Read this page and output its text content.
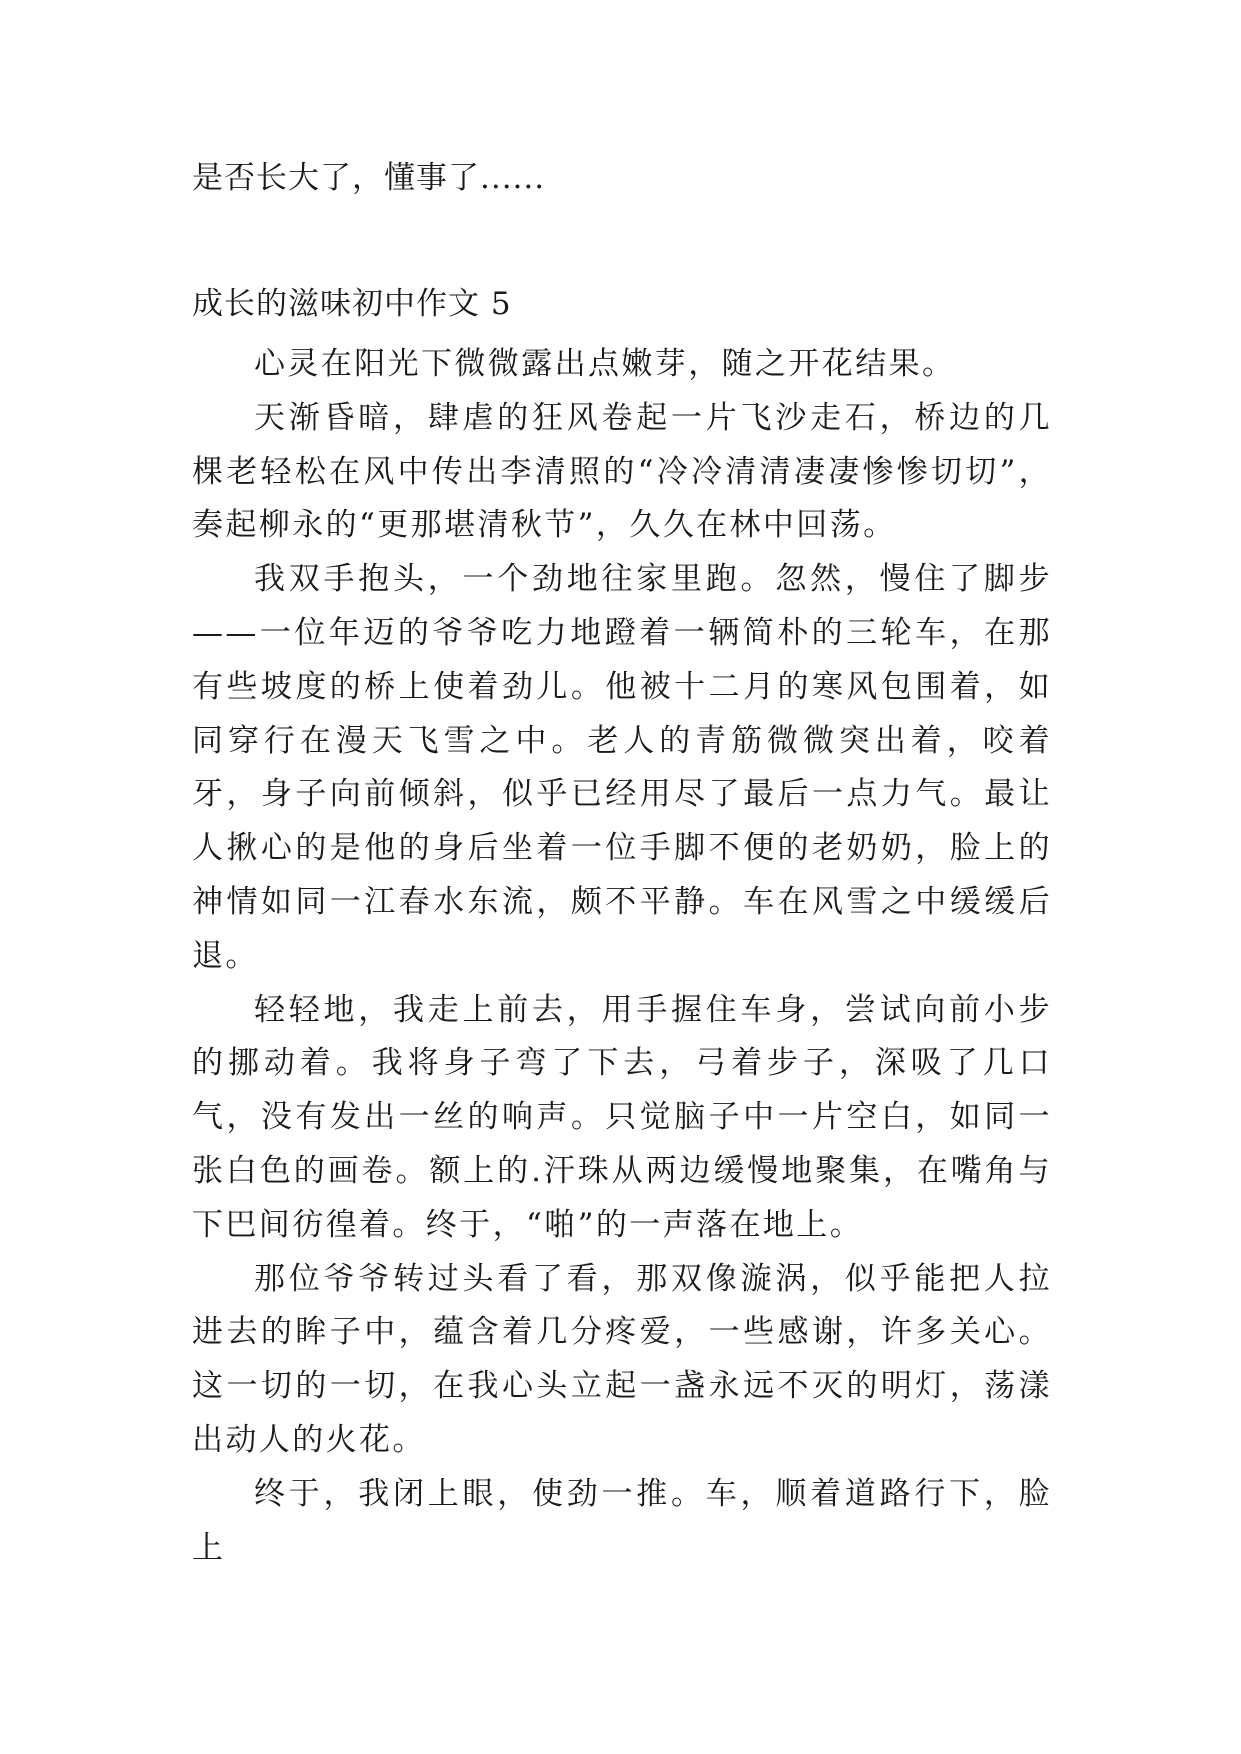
是否长大了，懂事了......

成长的滋味初中作文 5

心灵在阳光下微微露出点嫩芽，随之开花结果。

天渐昏暗，肆虐的狂风卷起一片飞沙走石，桥边的几棵老轻松在风中传出李清照的“冷冷清清凄凄惨惨切切”，奏起柳永的“更那堪清秋节”，久久在林中回荡。

我双手抱头，一个劲地往家里跑。忽然，慢住了脚步——一位年迈的爷爷吃力地蹬着一辆简朴的三轮车，在那有些坡度的桥上使着劲儿。他被十二月的寒风包围着，如同穿行在漫天飞雪之中。老人的青筋微微突出着，咬着牙，身子向前倾斜，似乎已经用尽了最后一点力气。最让人揪心的是他的身后坐着一位手脚不便的老奶奶，脸上的神情如同一江春水东流，颇不平静。车在风雪之中缓缓后退。

轻轻地，我走上前去，用手握住车身，尝试向前小步的挪动着。我将身子弯了下去，弓着步子，深吸了几口气，没有发出一丝的响声。只觉脑子中一片空白，如同一张白色的画卷。额上的.汗珠从两边缓慢地聚集，在嘴角与下巴间彷徨着。终于，“啪”的一声落在地上。

那位爷爷转过头看了看，那双像漩涡，似乎能把人拉进去的眸子中，蕴含着几分疼爱，一些感谢，许多关心。这一切的一切，在我心头立起一盏永远不灭的明灯，荡漾出动人的火花。

终于，我闭上眼，使劲一推。车，顺着道路行下，脸上
